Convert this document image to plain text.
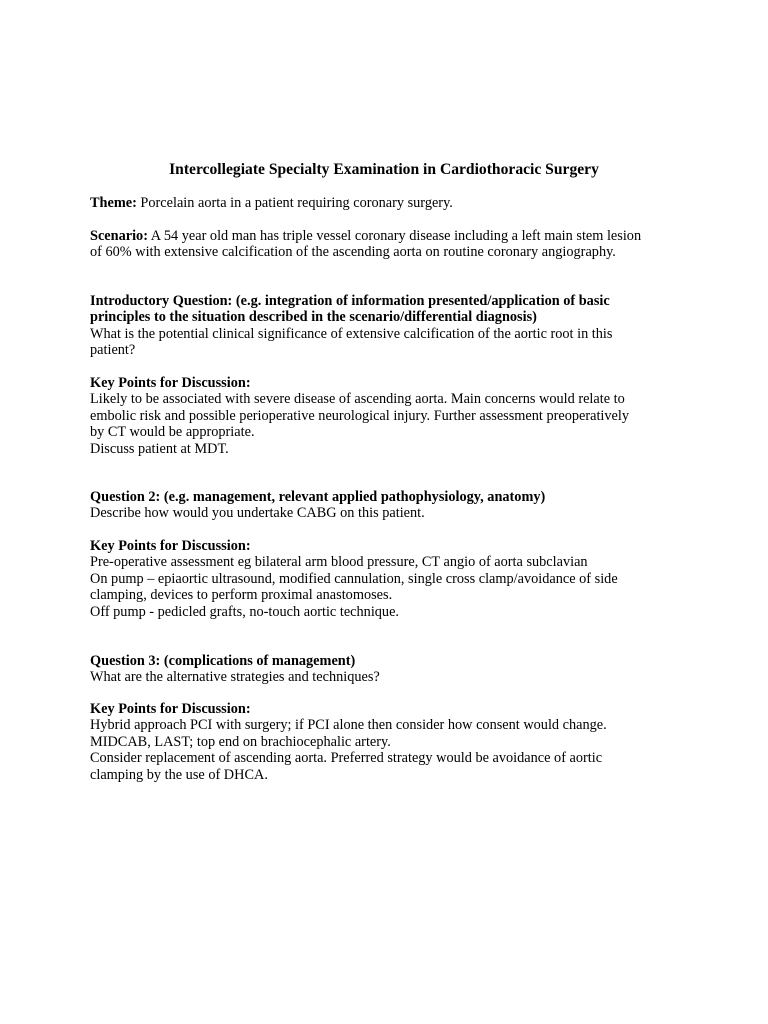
Intercollegiate Specialty Examination in Cardiothoracic Surgery

Theme: Porcelain aorta in a patient requiring coronary surgery.

Scenario: A 54 year old man has triple vessel coronary disease including a left main stem lesion
of 60% with extensive calcification of the ascending aorta on routine coronary angiography.

Introductory Question: (e.g. integration of information presented/application of basic
principles to the situation described in the scenario/differential diagnosis)
What is the potential clinical significance of extensive calcification of the aortic root in this
patient?

Key Points for Discussion:
Likely to be associated with severe disease of ascending aorta. Main concerns would relate to
embolic risk and possible perioperative neurological injury. Further assessment preoperatively
by CT would be appropriate.
Discuss patient at MDT.

Question 2: (e.g. management, relevant applied pathophysiology, anatomy)
Describe how would you undertake CABG on this patient.

Key Points for Discussion:
Pre-operative assessment eg bilateral arm blood pressure, CT angio of aorta subclavian
On pump – epiaortic ultrasound, modified cannulation, single cross clamp/avoidance of side
clamping, devices to perform proximal anastomoses.
Off pump - pedicled grafts, no-touch aortic technique.

Question 3: (complications of management)
What are the alternative strategies and techniques?

Key Points for Discussion:
Hybrid approach PCI with surgery; if PCI alone then consider how consent would change.
MIDCAB, LAST; top end on brachiocephalic artery.
Consider replacement of ascending aorta. Preferred strategy would be avoidance of aortic
clamping by the use of DHCA.
